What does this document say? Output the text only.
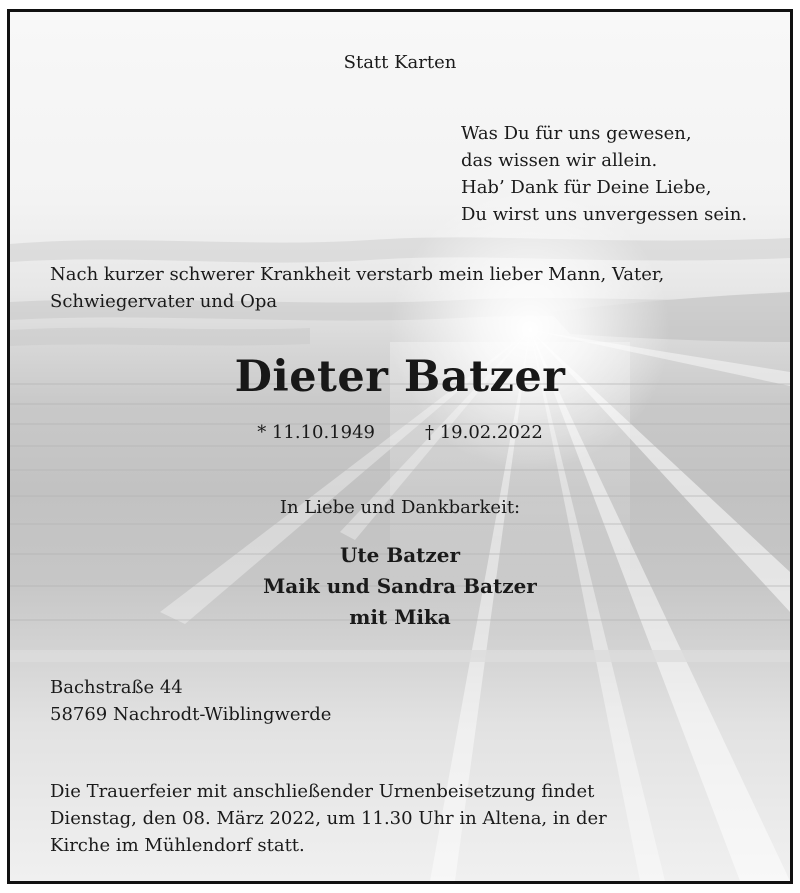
Statt Karten

Was Du für uns gewesen,
das wissen wir allein.
Hab’ Dank für Deine Liebe,
Du wirst uns unvergessen sein.

Nach kurzer schwerer Krankheit verstarb mein lieber Mann, Vater, Schwiegervater und Opa

Dieter Batzer
* 11.10.1949	† 19.02.2022

In Liebe und Dankbarkeit:

Ute Batzer
Maik und Sandra Batzer
mit Mika
Bachstraße 44
58769 Nachrodt-Wiblingwerde
Die Trauerfeier mit anschließender Urnenbeisetzung findet
Dienstag, den 08. März 2022, um 11.30 Uhr in Altena, in der
Kirche im Mühlendorf statt.
